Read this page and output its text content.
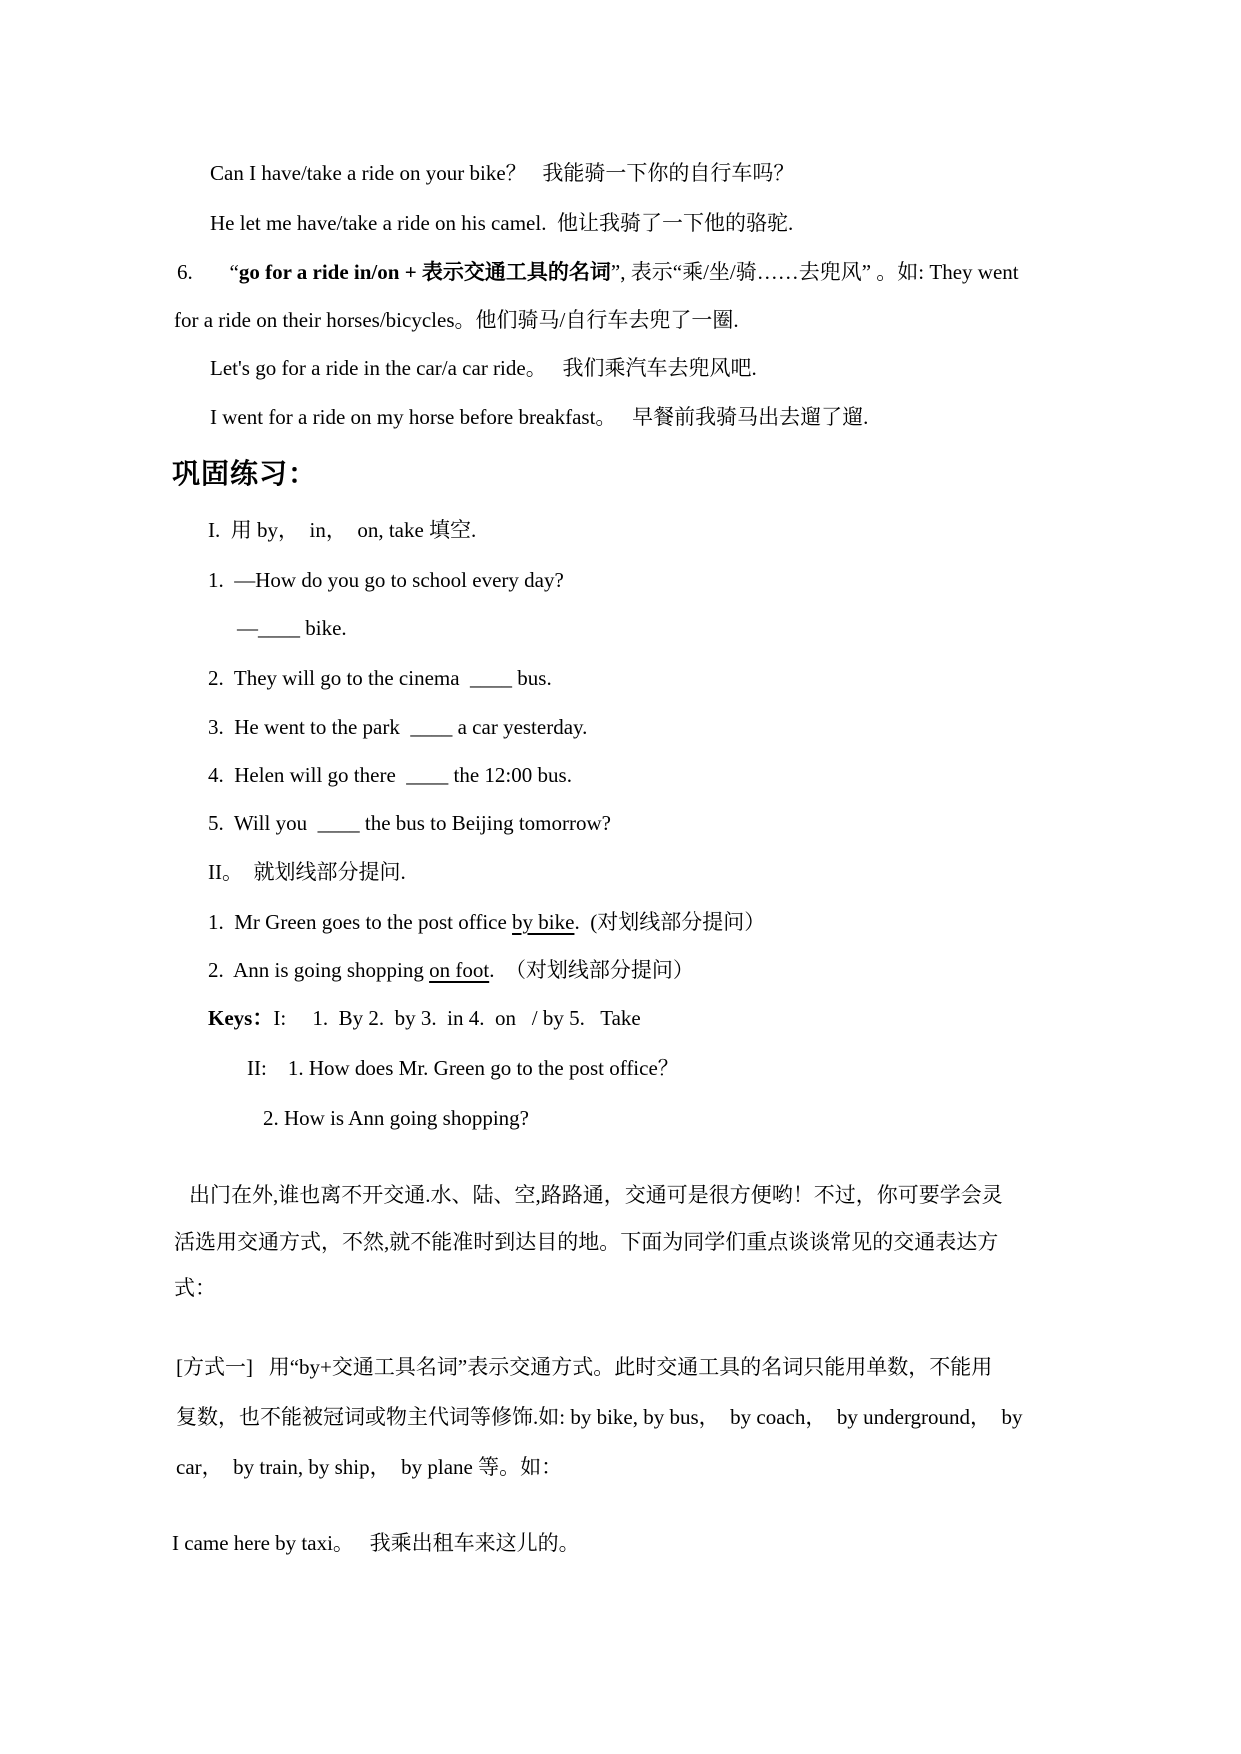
Can I have/take a ride on your bike？   我能骑一下你的自行车吗？
He let me have/take a ride on his camel.  他让我骑了一下他的骆驼.
6.       “go for a ride in/on + 表示交通工具的名词”, 表示“乘/坐/骑……去兜风” 。如: They went
for a ride on their horses/bicycles。他们骑马/自行车去兜了一圈.
Let's go for a ride in the car/a car ride。   我们乘汽车去兜风吧.
I went for a ride on my horse before breakfast。   早餐前我骑马出去遛了遛.
巩固练习：
I.  用 by，  in，  on, take 填空.
1.  —How do you go to school every day?
—____ bike.
2.  They will go to the cinema  ____ bus.
3.  He went to the park  ____ a car yesterday.
4.  Helen will go there  ____ the 12:00 bus.
5.  Will you  ____ the bus to Beijing tomorrow?
II。  就划线部分提问.
1.  Mr Green goes to the post office by bike.  (对划线部分提问）
2.  Ann is going shopping on foot.  （对划线部分提问）
Keys：I:     1.  By 2.  by 3.  in 4.  on   / by 5.   Take
II:    1. How does Mr. Green go to the post office？
2. How is Ann going shopping?
出门在外,谁也离不开交通.水、陆、空,路路通，交通可是很方便哟！不过，你可要学会灵
活选用交通方式，不然,就不能准时到达目的地。下面为同学们重点谈谈常见的交通表达方
式：
[方式一]   用“by+交通工具名词”表示交通方式。此时交通工具的名词只能用单数，不能用
复数，也不能被冠词或物主代词等修饰.如: by bike, by bus，  by coach，  by underground，  by
car，  by train, by ship，  by plane 等。如：
I came here by taxi。   我乘出租车来这儿的。
